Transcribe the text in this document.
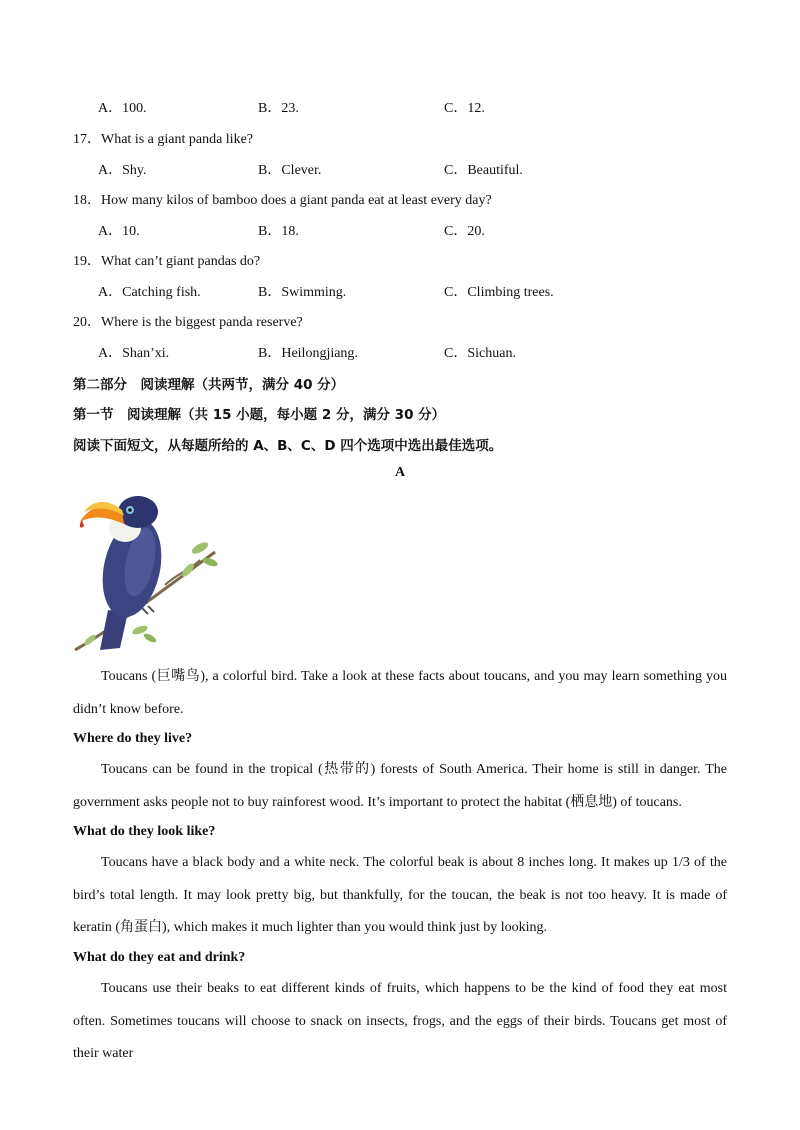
A．100.	B．23.	C．12.
17．What is a giant panda like?
A．Shy.	B．Clever.	C．Beautiful.
18．How many kilos of bamboo does a giant panda eat at least every day?
A．10.	B．18.	C．20.
19．What can’t giant pandas do?
A．Catching fish.	B．Swimming.	C．Climbing trees.
20．Where is the biggest panda reserve?
A．Shan’xi.	B．Heilongjiang.	C．Sichuan.
第二部分　阅读理解（共两节，满分 40 分）
第一节　阅读理解（共 15 小题，每小题 2 分，满分 30 分）
阅读下面短文，从每题所给的 A、B、C、D 四个选项中选出最佳选项。
A
Toucans (巨嘴鸟), a colorful bird. Take a look at these facts about toucans, and you may learn something you didn’t know before.
Where do they live?
Toucans can be found in the tropical (热带的) forests of South America. Their home is still in danger. The government asks people not to buy rainforest wood. It’s important to protect the habitat (栖息地) of toucans.
What do they look like?
Toucans have a black body and a white neck. The colorful beak is about 8 inches long. It makes up 1/3 of the bird’s total length. It may look pretty big, but thankfully, for the toucan, the beak is not too heavy. It is made of keratin (角蛋白), which makes it much lighter than you would think just by looking.
What do they eat and drink?
Toucans use their beaks to eat different kinds of fruits, which happens to be the kind of food they eat most often. Sometimes toucans will choose to snack on insects, frogs, and the eggs of their birds. Toucans get most of their water
